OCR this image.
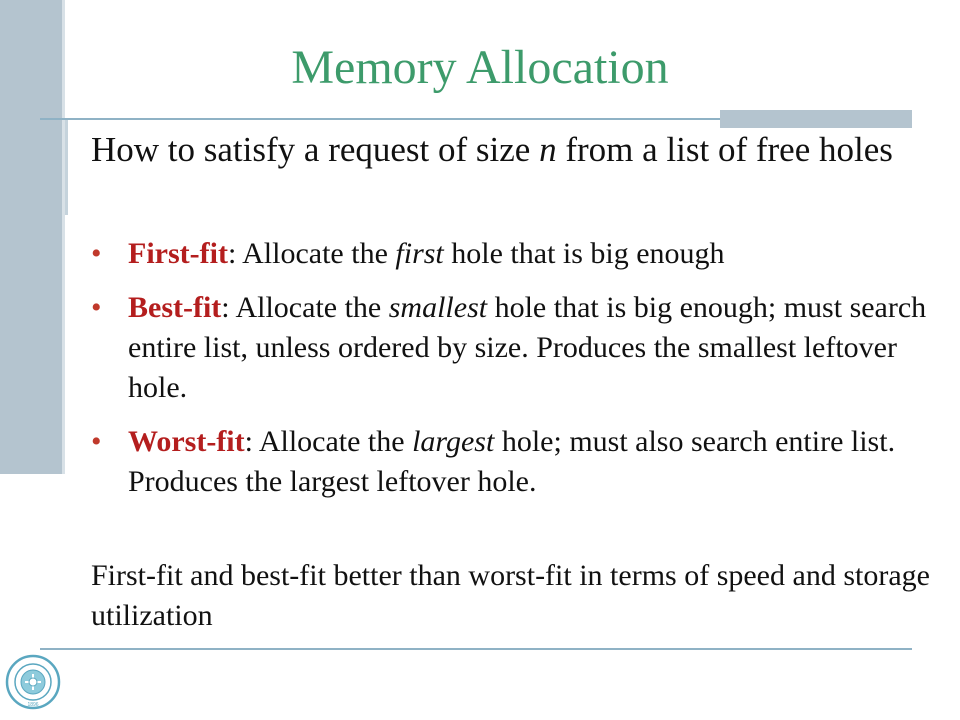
Memory Allocation
How to satisfy a request of size n from a list of free holes
• First-fit: Allocate the first hole that is big enough
• Best-fit: Allocate the smallest hole that is big enough; must search entire list, unless ordered by size. Produces the smallest leftover hole.
• Worst-fit: Allocate the largest hole; must also search entire list. Produces the largest leftover hole.
First-fit and best-fit better than worst-fit in terms of speed and storage utilization
1896
